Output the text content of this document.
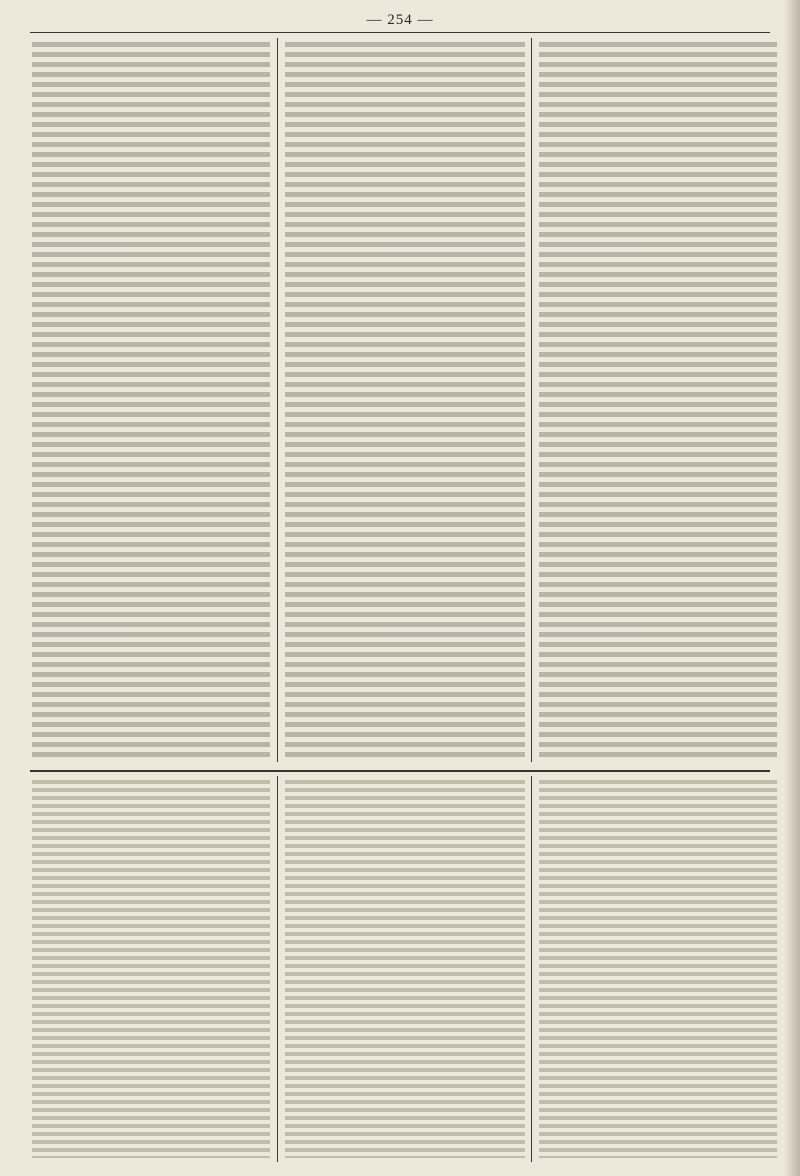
— 254 —
